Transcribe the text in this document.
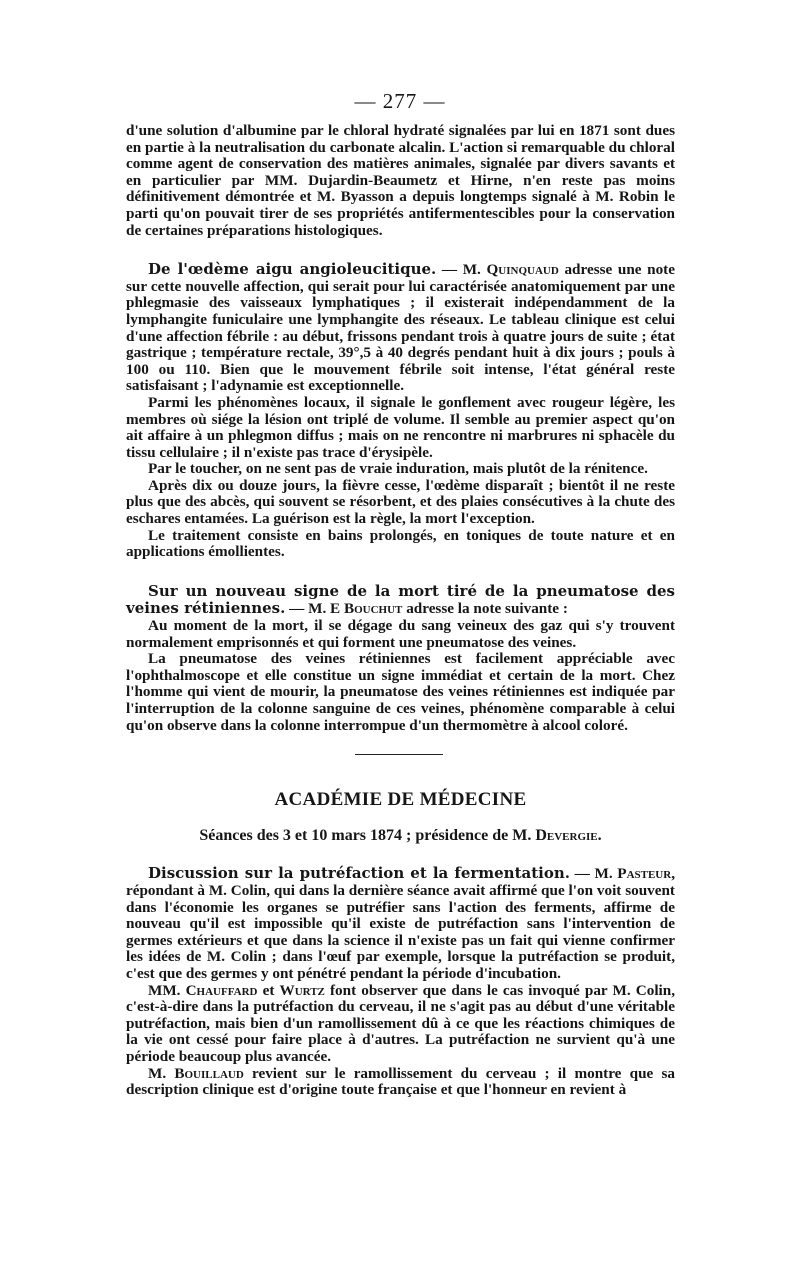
— 277 —

d'une solution d'albumine par le chloral hydraté signalées par lui en 1871 sont dues en partie à la neutralisation du carbonate alcalin. L'action si remarquable du chloral comme agent de conservation des matières animales, signalée par divers savants et en particulier par MM. Dujardin-Beaumetz et Hirne, n'en reste pas moins définitivement démontrée et M. Byasson a depuis longtemps signalé à M. Robin le parti qu'on pouvait tirer de ses propriétés antifermentescibles pour la conservation de certaines préparations histologiques.

De l'œdème aigu angioleucitique. — M. Quinquaud adresse une note sur cette nouvelle affection, qui serait pour lui caractérisée anatomiquement par une phlegmasie des vaisseaux lymphatiques ; il existerait indépendamment de la lymphangite funiculaire une lymphangite des réseaux. Le tableau clinique est celui d'une affection fébrile : au début, frissons pendant trois à quatre jours de suite ; état gastrique ; température rectale, 39°,5 à 40 degrés pendant huit à dix jours ; pouls à 100 ou 110. Bien que le mouvement fébrile soit intense, l'état général reste satisfaisant ; l'adynamie est exceptionnelle.

Parmi les phénomènes locaux, il signale le gonflement avec rougeur légère, les membres où siége la lésion ont triplé de volume. Il semble au premier aspect qu'on ait affaire à un phlegmon diffus ; mais on ne rencontre ni marbrures ni sphacèle du tissu cellulaire ; il n'existe pas trace d'érysipèle.

Par le toucher, on ne sent pas de vraie induration, mais plutôt de la rénitence.

Après dix ou douze jours, la fièvre cesse, l'œdème disparaît ; bientôt il ne reste plus que des abcès, qui souvent se résorbent, et des plaies consécutives à la chute des eschares entamées. La guérison est la règle, la mort l'exception.

Le traitement consiste en bains prolongés, en toniques de toute nature et en applications émollientes.

Sur un nouveau signe de la mort tiré de la pneumatose des veines rétiniennes. — M. E Bouchut adresse la note suivante :

Au moment de la mort, il se dégage du sang veineux des gaz qui s'y trouvent normalement emprisonnés et qui forment une pneumatose des veines.

La pneumatose des veines rétiniennes est facilement appréciable avec l'ophthalmoscope et elle constitue un signe immédiat et certain de la mort. Chez l'homme qui vient de mourir, la pneumatose des veines rétiniennes est indiquée par l'interruption de la colonne sanguine de ces veines, phénomène comparable à celui qu'on observe dans la colonne interrompue d'un thermomètre à alcool coloré.

ACADÉMIE DE MÉDECINE
Séances des 3 et 10 mars 1874 ; présidence de M. Devergie.

Discussion sur la putréfaction et la fermentation. — M. Pasteur, répondant à M. Colin, qui dans la dernière séance avait affirmé que l'on voit souvent dans l'économie les organes se putréfier sans l'action des ferments, affirme de nouveau qu'il est impossible qu'il existe de putréfaction sans l'intervention de germes extérieurs et que dans la science il n'existe pas un fait qui vienne confirmer les idées de M. Colin ; dans l'œuf par exemple, lorsque la putréfaction se produit, c'est que des germes y ont pénétré pendant la période d'incubation.

MM. Chauffard et Wurtz font observer que dans le cas invoqué par M. Colin, c'est-à-dire dans la putréfaction du cerveau, il ne s'agit pas au début d'une véritable putréfaction, mais bien d'un ramollissement dû à ce que les réactions chimiques de la vie ont cessé pour faire place à d'autres. La putréfaction ne survient qu'à une période beaucoup plus avancée.

M. Bouillaud revient sur le ramollissement du cerveau ; il montre que sa description clinique est d'origine toute française et que l'honneur en revient à
